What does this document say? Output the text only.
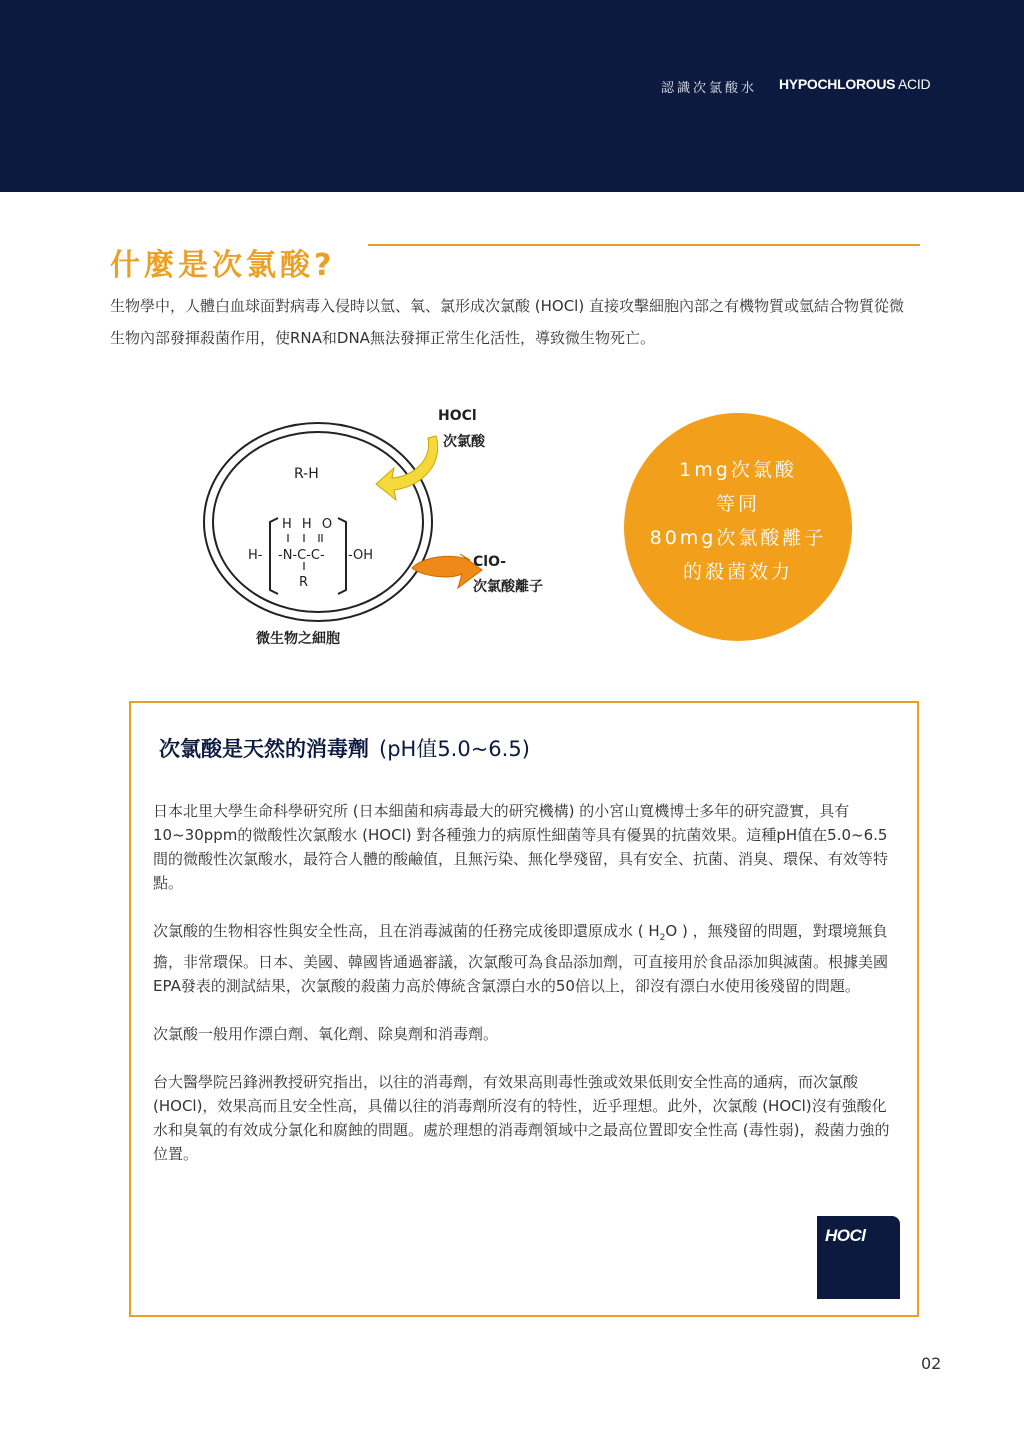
認識次氯酸水 HYPOCHLOROUS ACID
什麼是次氯酸?
生物學中，人體白血球面對病毒入侵時以氫、氧、氯形成次氯酸 (HOCl) 直接攻擊細胞內部之有機物質或氫結合物質從微生物內部發揮殺菌作用，使RNA和DNA無法發揮正常生化活性，導致微生物死亡。
HOCl
次氯酸
R-H
H H O
H- -N-C-C- -OH
R
ClO-
次氯酸離子
微生物之細胞
1mg次氯酸
等同
80mg次氯酸離子
的殺菌效力
次氯酸是天然的消毒劑 (pH值5.0~6.5)

日本北里大學生命科學研究所 (日本細菌和病毒最大的研究機構) 的小宮山寬機博士多年的研究證實，具有10~30ppm的微酸性次氯酸水 (HOCl) 對各種強力的病原性細菌等具有優異的抗菌效果。這種pH值在5.0~6.5間的微酸性次氯酸水，最符合人體的酸鹼值，且無污染、無化學殘留，具有安全、抗菌、消臭、環保、有效等特點。

次氯酸的生物相容性與安全性高，且在消毒滅菌的任務完成後即還原成水 ( $H_2O$ ) ，無殘留的問題，對環境無負擔，非常環保。日本、美國、韓國皆通過審議，次氯酸可為食品添加劑，可直接用於食品添加與滅菌。根據美國EPA發表的測試結果，次氯酸的殺菌力高於傳統含氯漂白水的50倍以上，卻沒有漂白水使用後殘留的問題。

次氯酸一般用作漂白劑、氧化劑、除臭劑和消毒劑。

台大醫學院呂鋒洲教授研究指出，以往的消毒劑，有效果高則毒性強或效果低則安全性高的通病，而次氯酸 (HOCl)，效果高而且安全性高，具備以往的消毒劑所沒有的特性，近乎理想。此外，次氯酸 (HOCl)沒有強酸化水和臭氧的有效成分氯化和腐蝕的問題。處於理想的消毒劑領域中之最高位置即安全性高 (毒性弱)，殺菌力強的位置。

HOCl
02
